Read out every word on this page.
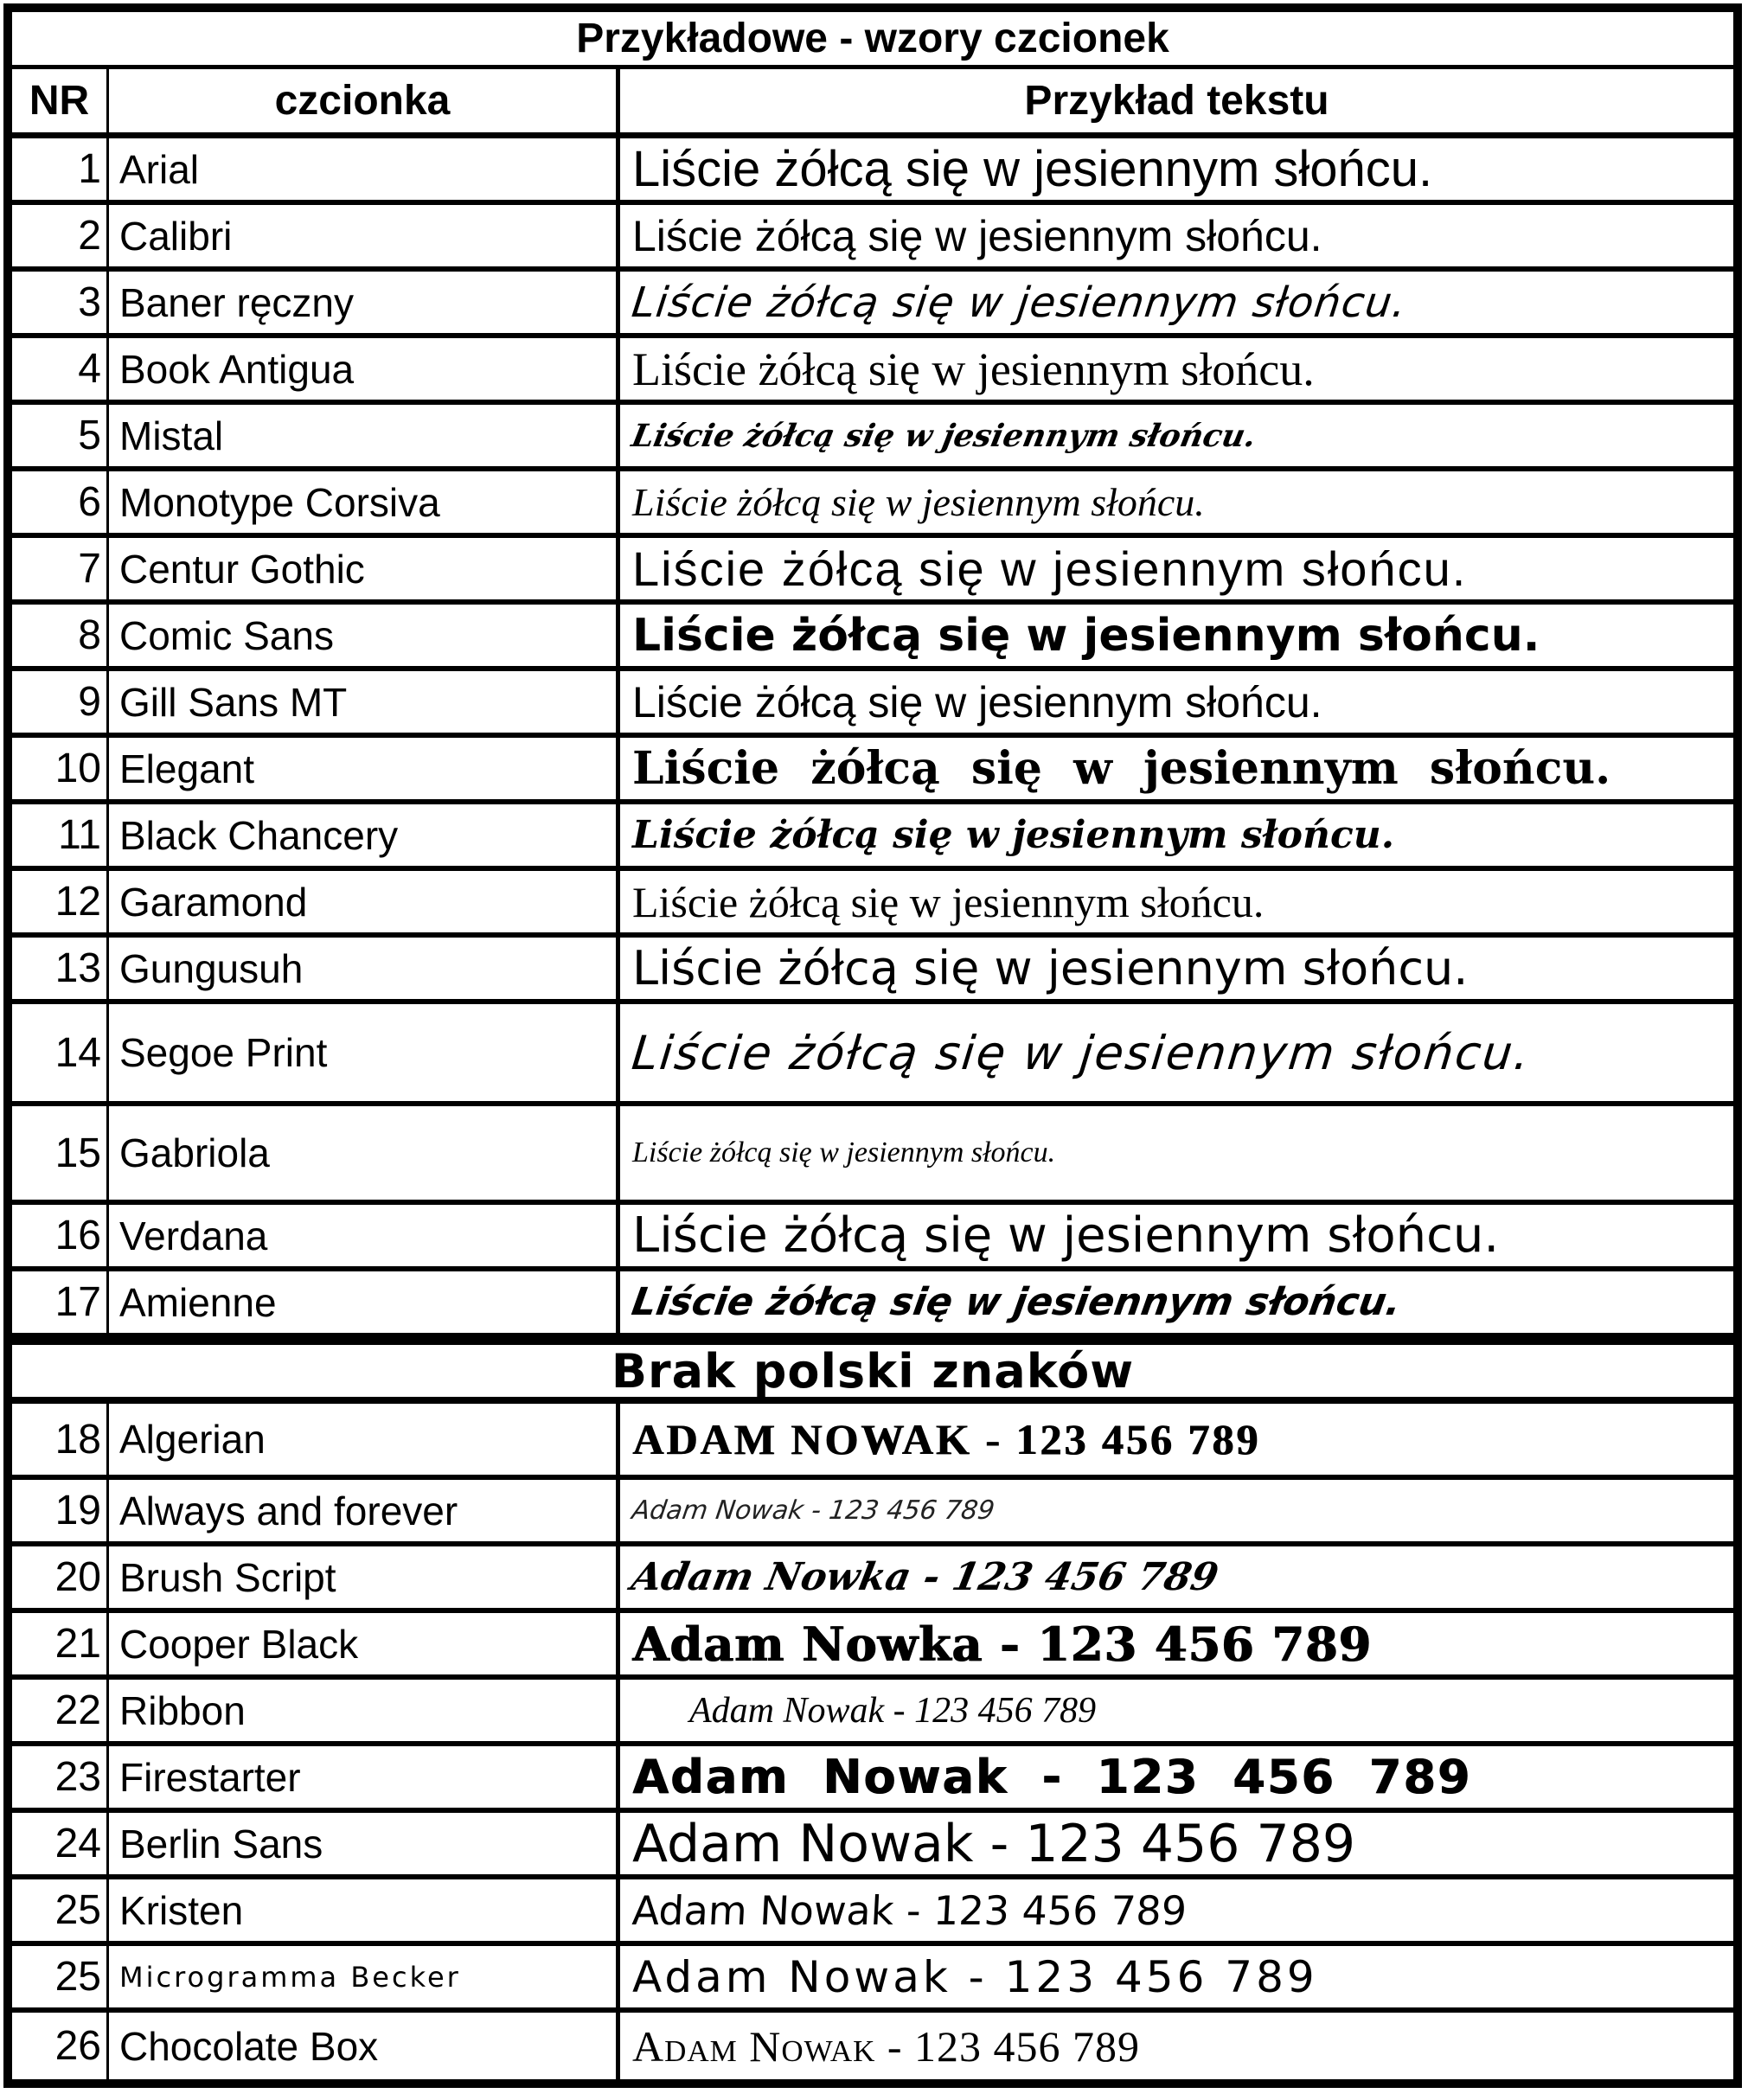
Przykładowe - wzory czcionek
NR	czcionka	Przykład tekstu
1 Arial	Liście żółcą się w jesiennym słońcu.
2 Calibri	Liście żółcą się w jesiennym słońcu.
3 Baner ręczny	Liście żółcą się w jesiennym słońcu.
4 Book Antigua	Liście żółcą się w jesiennym słońcu.
5 Mistal	Liście żółcą się w jesiennym słońcu.
6 Monotype Corsiva	Liście żółcą się w jesiennym słońcu.
7 Centur Gothic	Liście żółcą się w jesiennym słońcu.
8 Comic Sans	Liście żółcą się w jesiennym słońcu.
9 Gill Sans MT	Liście żółcą się w jesiennym słońcu.
10 Elegant	Liście żółcą się w jesiennym słońcu.
11 Black Chancery	Liście żółcą się w jesiennym słońcu.
12 Garamond	Liście żółcą się w jesiennym słońcu.
13 Gungusuh	Liście żółcą się w jesiennym słońcu.
14 Segoe Print	Liście żółcą się w jesiennym słońcu.
15 Gabriola	Liście żółcą się w jesiennym słońcu.
16 Verdana	Liście żółcą się w jesiennym słońcu.
17 Amienne	Liście żółcą się w jesiennym słońcu.
Brak polski znaków
18 Algerian	ADAM NOWAK - 123 456 789
19 Always and forever	Adam Nowak - 123 456 789
20 Brush Script	Adam Nowka - 123 456 789
21 Cooper Black	Adam Nowka - 123 456 789
22 Ribbon	Adam Nowak - 123 456 789
23 Firestarter	Adam Nowak - 123 456 789
24 Berlin Sans	Adam Nowak - 123 456 789
25 Kristen	Adam Nowak - 123 456 789
25 Microgramma Becker	Adam Nowak - 123 456 789
26 Chocolate Box	Adam Nowak - 123 456 789
